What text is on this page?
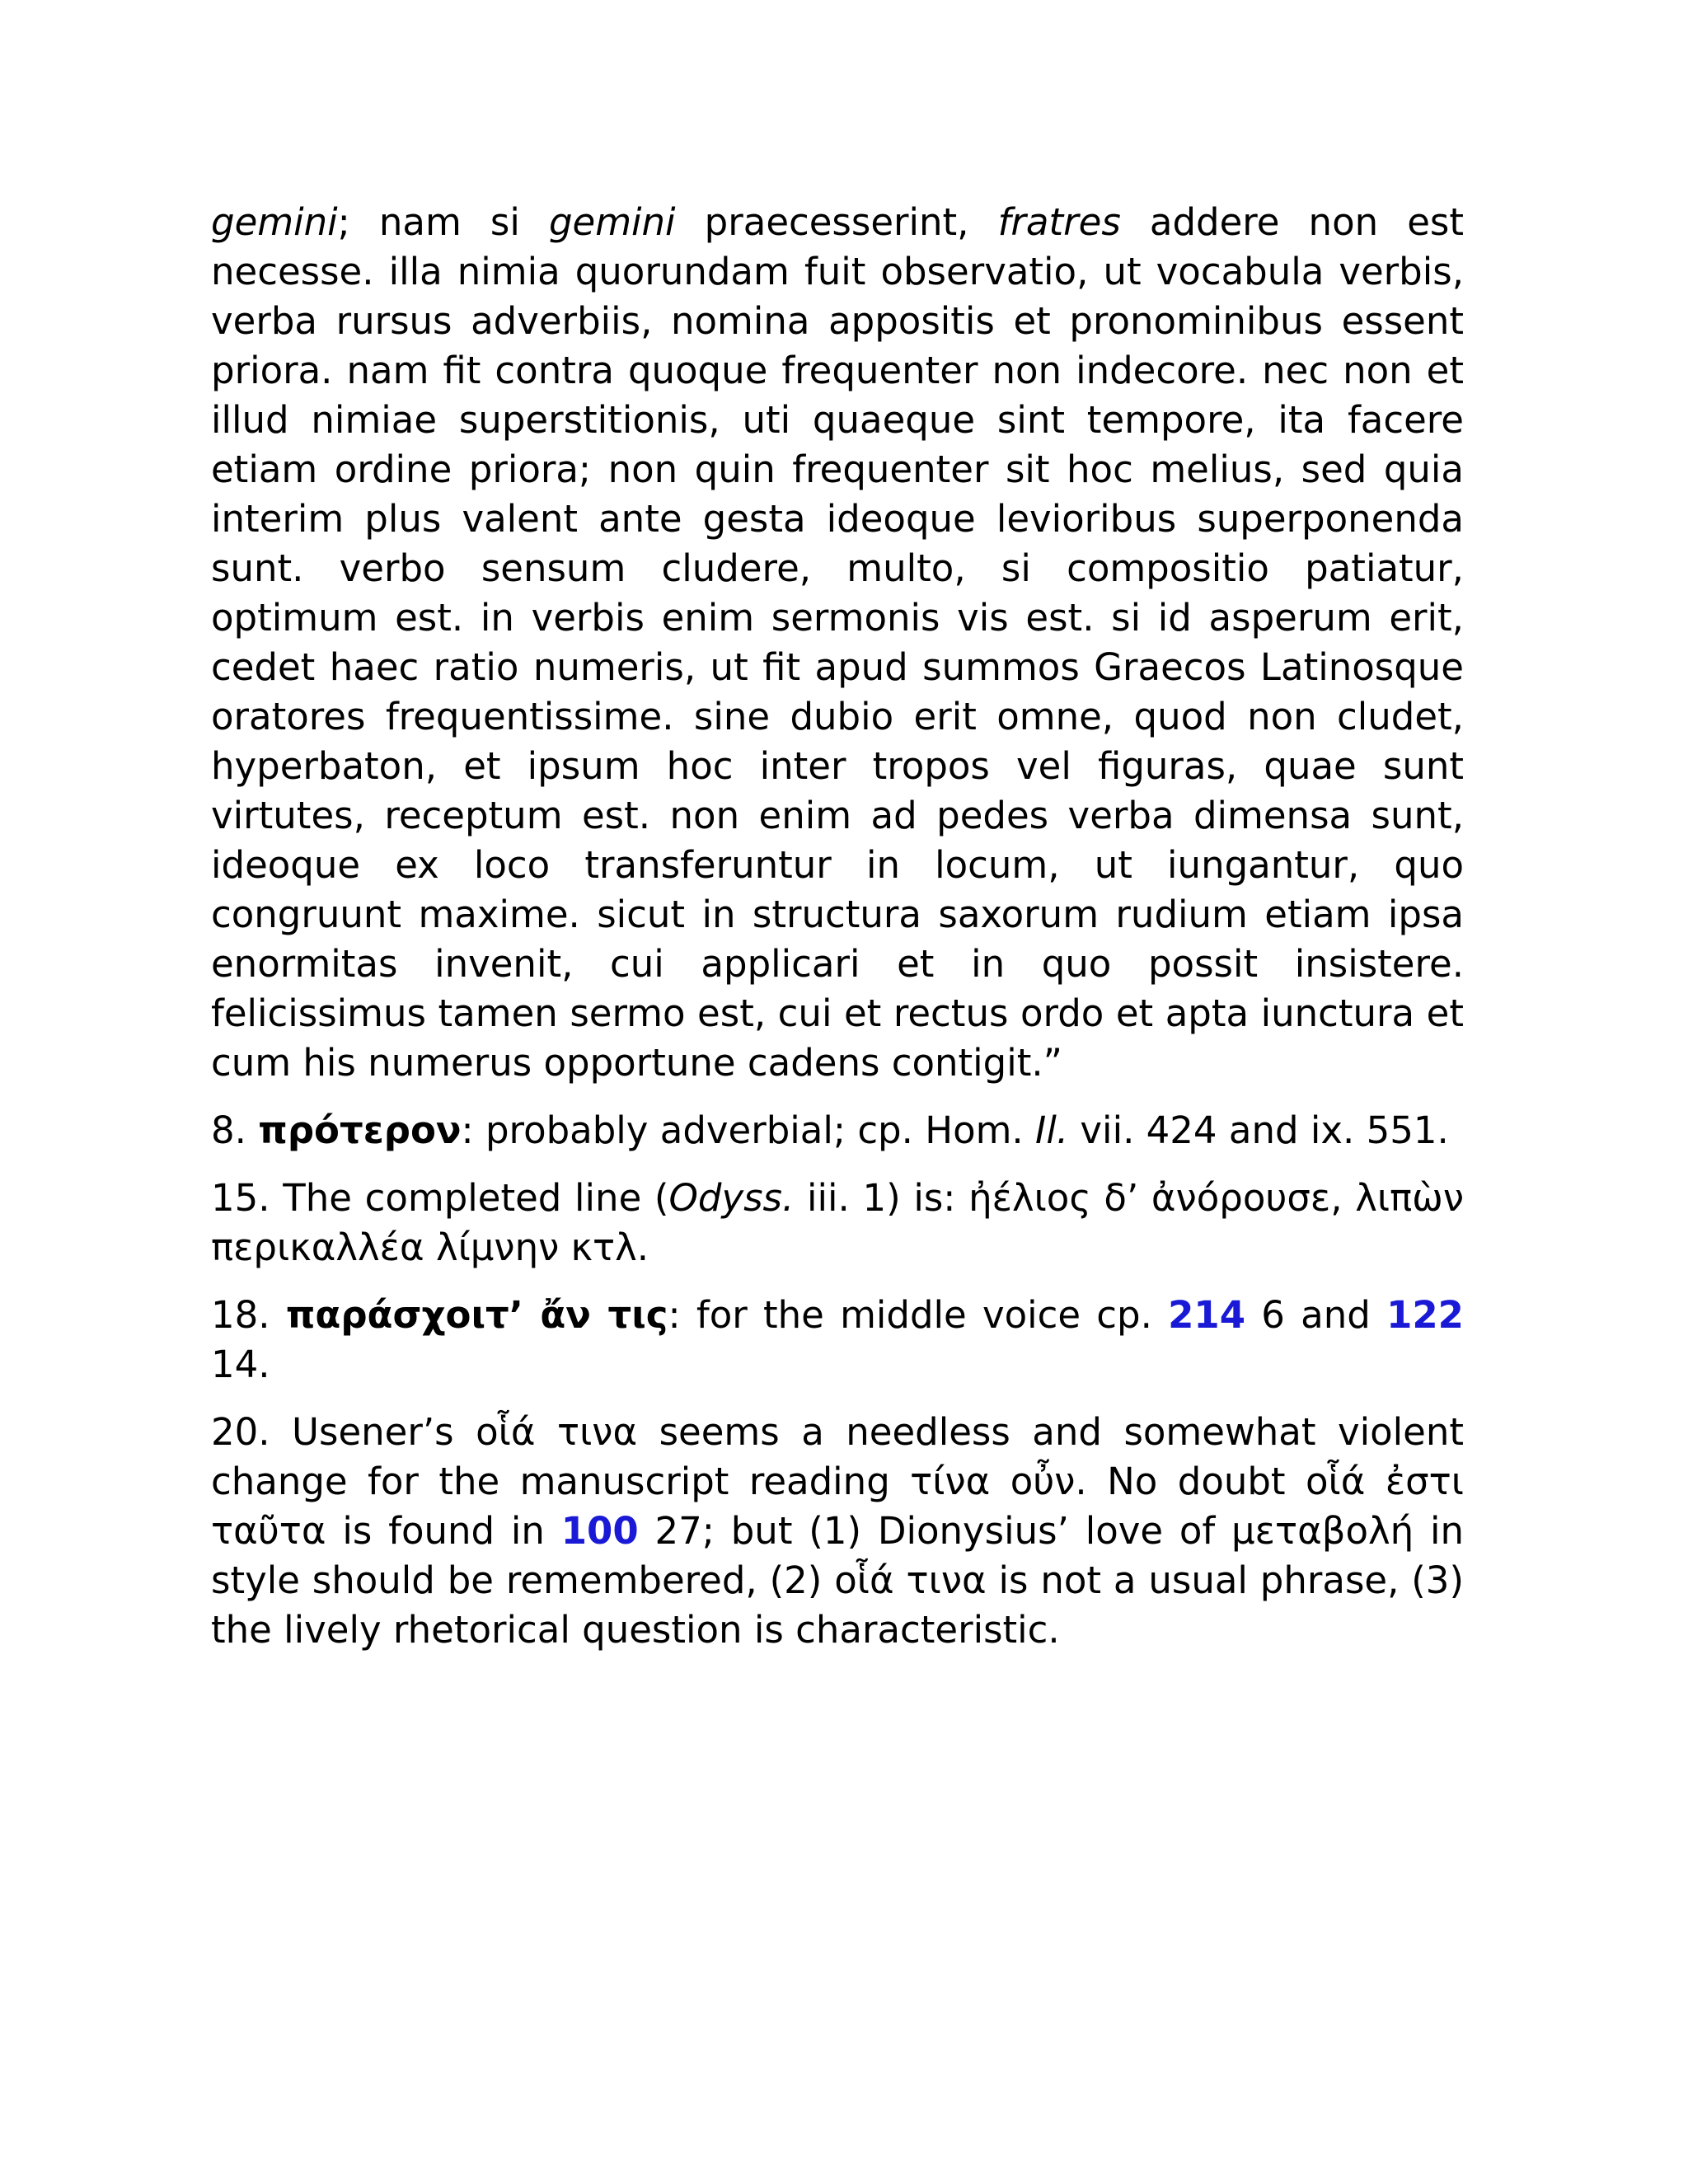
gemini; nam si gemini praecesserint, fratres addere non est necesse. illa nimia quorundam fuit observatio, ut vocabula verbis, verba rursus adverbiis, nomina appositis et pronominibus essent priora. nam fit contra quoque frequenter non indecore. nec non et illud nimiae superstitionis, uti quaeque sint tempore, ita facere etiam ordine priora; non quin frequenter sit hoc melius, sed quia interim plus valent ante gesta ideoque levioribus superponenda sunt. verbo sensum cludere, multo, si compositio patiatur, optimum est. in verbis enim sermonis vis est. si id asperum erit, cedet haec ratio numeris, ut fit apud summos Graecos Latinosque oratores frequentissime. sine dubio erit omne, quod non cludet, hyperbaton, et ipsum hoc inter tropos vel figuras, quae sunt virtutes, receptum est. non enim ad pedes verba dimensa sunt, ideoque ex loco transferuntur in locum, ut iungantur, quo congruunt maxime. sicut in structura saxorum rudium etiam ipsa enormitas invenit, cui applicari et in quo possit insistere. felicissimus tamen sermo est, cui et rectus ordo et apta iunctura et cum his numerus opportune cadens contigit.”

8. πρότερον: probably adverbial; cp. Hom. Il. vii. 424 and ix. 551.

15. The completed line (Odyss. iii. 1) is: ἠέλιος δ’ ἀνόρουσε, λιπὼν περικαλλέα λίμνην κτλ.

18. παράσχοιτ’ ἄν τις: for the middle voice cp. 214 6 and 122 14.

20. Usener’s οἷά τινα seems a needless and somewhat violent change for the manuscript reading τίνα οὖν. No doubt οἷά ἐστι ταῦτα is found in 100 27; but (1) Dionysius’ love of μεταβολή in style should be remembered, (2) οἷά τινα is not a usual phrase, (3) the lively rhetorical question is characteristic.
